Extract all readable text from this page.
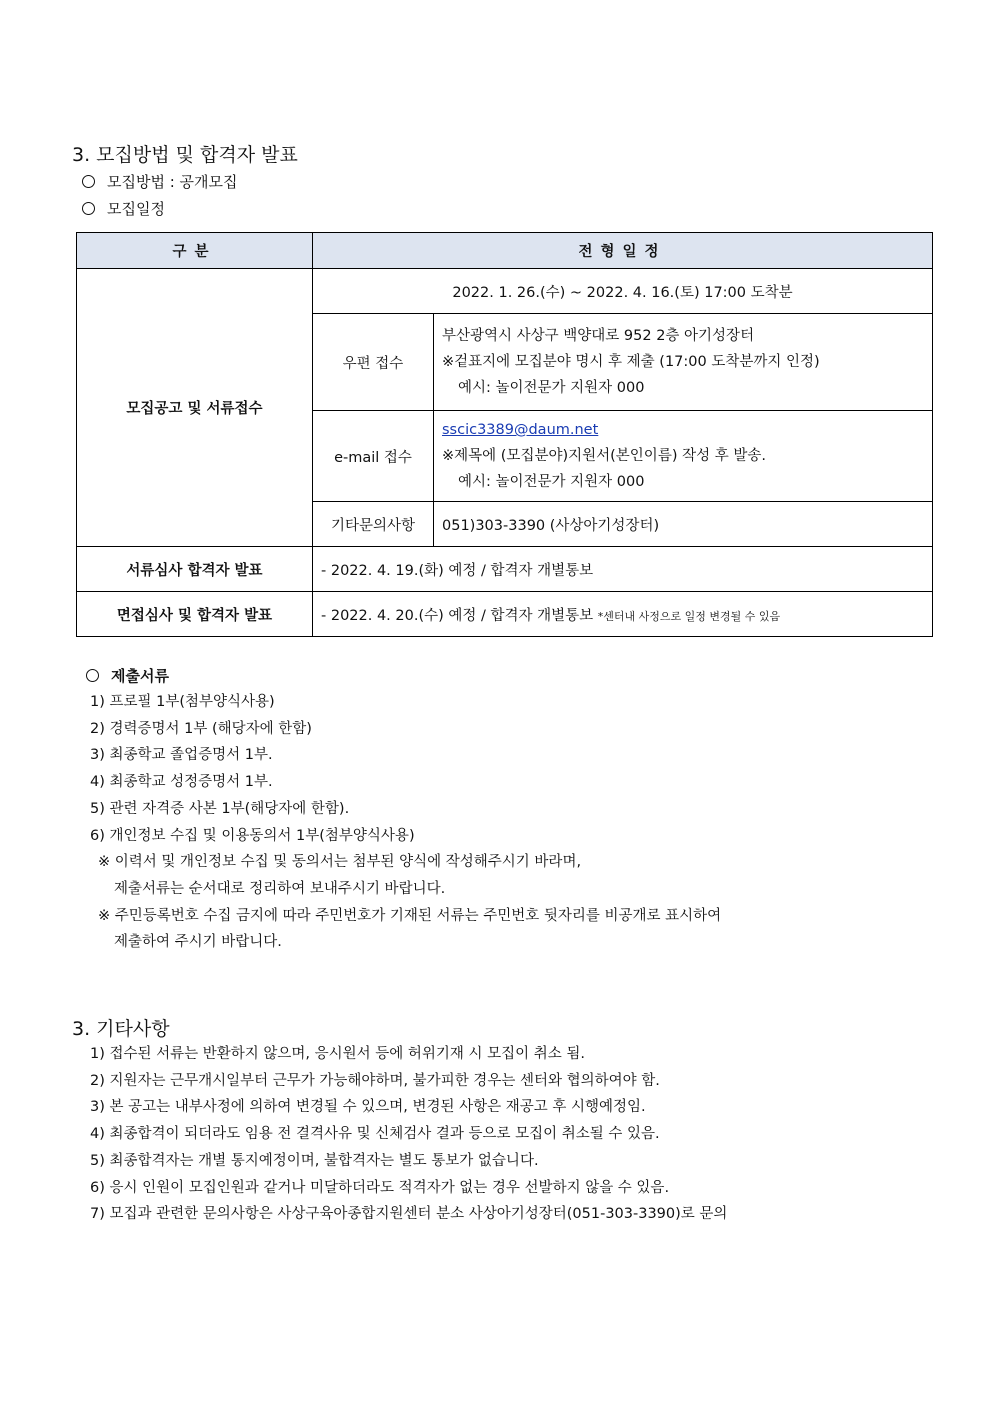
3. 모집방법 및 합격자 발표
모집방법 : 공개모집
모집일정
구분	전형일정	
모집공고 및 서류접수	2022. 1. 26.(수) ~ 2022. 4. 16.(토) 17:00 도착분	
	우편 접수	부산광역시 사상구 백양대로 952 2층 아기성장터
※겉표지에 모집분야 명시 후 제출 (17:00 도착분까지 인정)
예시: 놀이전문가 지원자 000

	e-mail 접수	sscic3389@daum.net
※제목에 (모집분야)지원서(본인이름) 작성 후 발송.
예시: 놀이전문가 지원자 000

	기타문의사항	051)303-3390 (사상아기성장터)
서류심사 합격자 발표	- 2022. 4. 19.(화) 예정 / 합격자 개별통보	
면접심사 및 합격자 발표	- 2022. 4. 20.(수) 예정 / 합격자 개별통보 *센터내 사정으로 일정 변경될 수 있음	
제출서류
1) 프로필 1부(첨부양식사용)
2) 경력증명서 1부 (해당자에 한함)
3) 최종학교 졸업증명서 1부.
4) 최종학교 성정증명서 1부.
5) 관련 자격증 사본 1부(해당자에 한함).
6) 개인정보 수집 및 이용동의서 1부(첨부양식사용)
※ 이력서 및 개인정보 수집 및 동의서는 첨부된 양식에 작성해주시기 바라며,
제출서류는 순서대로 정리하여 보내주시기 바랍니다.
※ 주민등록번호 수집 금지에 따라 주민번호가 기재된 서류는 주민번호 뒷자리를 비공개로 표시하여
제출하여 주시기 바랍니다.
3. 기타사항
1) 접수된 서류는 반환하지 않으며, 응시원서 등에 허위기재 시 모집이 취소 됨.
2) 지원자는 근무개시일부터 근무가 가능해야하며, 불가피한 경우는 센터와 협의하여야 함.
3) 본 공고는 내부사정에 의하여 변경될 수 있으며, 변경된 사항은 재공고 후 시행예정임.
4) 최종합격이 되더라도 임용 전 결격사유 및 신체검사 결과 등으로 모집이 취소될 수 있음.
5) 최종합격자는 개별 통지예정이며, 불합격자는 별도 통보가 없습니다.
6) 응시 인원이 모집인원과 같거나 미달하더라도 적격자가 없는 경우 선발하지 않을 수 있음.
7) 모집과 관련한 문의사항은 사상구육아종합지원센터 분소 사상아기성장터(051-303-3390)로 문의
